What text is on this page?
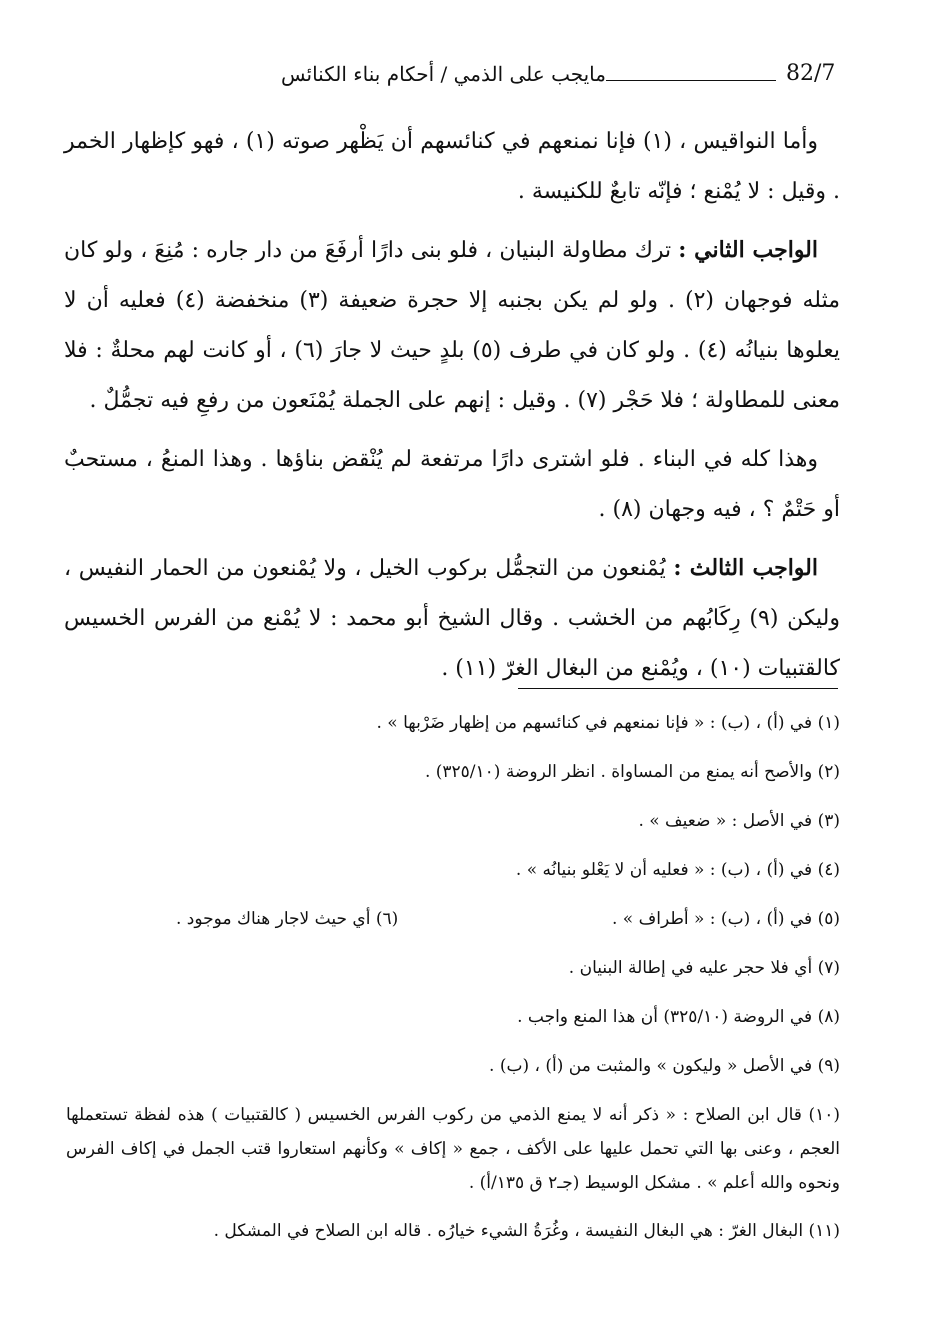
مايجب على الذمي / أحكام بناء الكنائس	82/7

وأما النواقيس ، (١) فإنا نمنعهم في كنائسهم أن يَظْهر صوته (١) ، فهو كإظهار الخمر . وقيل : لا يُمْنع ؛ فإنّه تابعٌ للكنيسة .

الواجب الثاني : ترك مطاولة البنيان ، فلو بنى دارًا أرفَعَ من دار جاره : مُنِعَ ، ولو كان مثله فوجهان (٢) . ولو لم يكن بجنبه إلا حجرة ضعيفة (٣) منخفضة (٤) فعليه أن لا يعلوها بنيانُه (٤) . ولو كان في طرف (٥) بلدٍ حيث لا جارَ (٦) ، أو كانت لهم محلةٌ : فلا معنى للمطاولة ؛ فلا حَجْر (٧) . وقيل : إنهم على الجملة يُمْنَعون من رفعِ فيه تجمُّلٌ .

وهذا كله في البناء . فلو اشترى دارًا مرتفعة لم يُنْقض بناؤها . وهذا المنعُ ، مستحبٌ أو حَتْمٌ ؟ ، فيه وجهان (٨) .

الواجب الثالث : يُمْنعون من التجمُّل بركوب الخيل ، ولا يُمْنعون من الحمار النفيس ، وليكن (٩) رِكَابُهم من الخشب . وقال الشيخ أبو محمد : لا يُمْنع من الفرس الخسيس كالقتبيات (١٠) ، ويُمْنع من البغال الغرّ (١١) .

(١) في (أ) ، (ب) : « فإنا نمنعهم في كنائسهم من إظهار ضَرْبها » .
(٢) والأصح أنه يمنع من المساواة . انظر الروضة (٣٢٥/١٠) .
(٣) في الأصل : « ضعيف » .
(٤) في (أ) ، (ب) : « فعليه أن لا يَعْلو بنيانُه » .
(٥) في (أ) ، (ب) : « أطراف » .
(٦) أي حيث لاجار هناك موجود .
(٧) أي فلا حجر عليه في إطالة البنيان .
(٨) في الروضة (٣٢٥/١٠) أن هذا المنع واجب .
(٩) في الأصل « وليكون » والمثبت من (أ) ، (ب) .
(١٠) قال ابن الصلاح : « ذكر أنه لا يمنع الذمي من ركوب الفرس الخسيس ( كالقتبيات ) هذه لفظة تستعملها العجم ، وعنى بها التي تحمل عليها على الأكف ، جمع « إكاف » وكأنهم استعاروا قتب الجمل في إكاف الفرس ونحوه والله أعلم » . مشكل الوسيط (جـ٢ ق ١٣٥/أ) .
(١١) البغال الغرّ : هي البغال النفيسة ، وغُرَةُ الشيء خيارُه . قاله ابن الصلاح في المشكل .
